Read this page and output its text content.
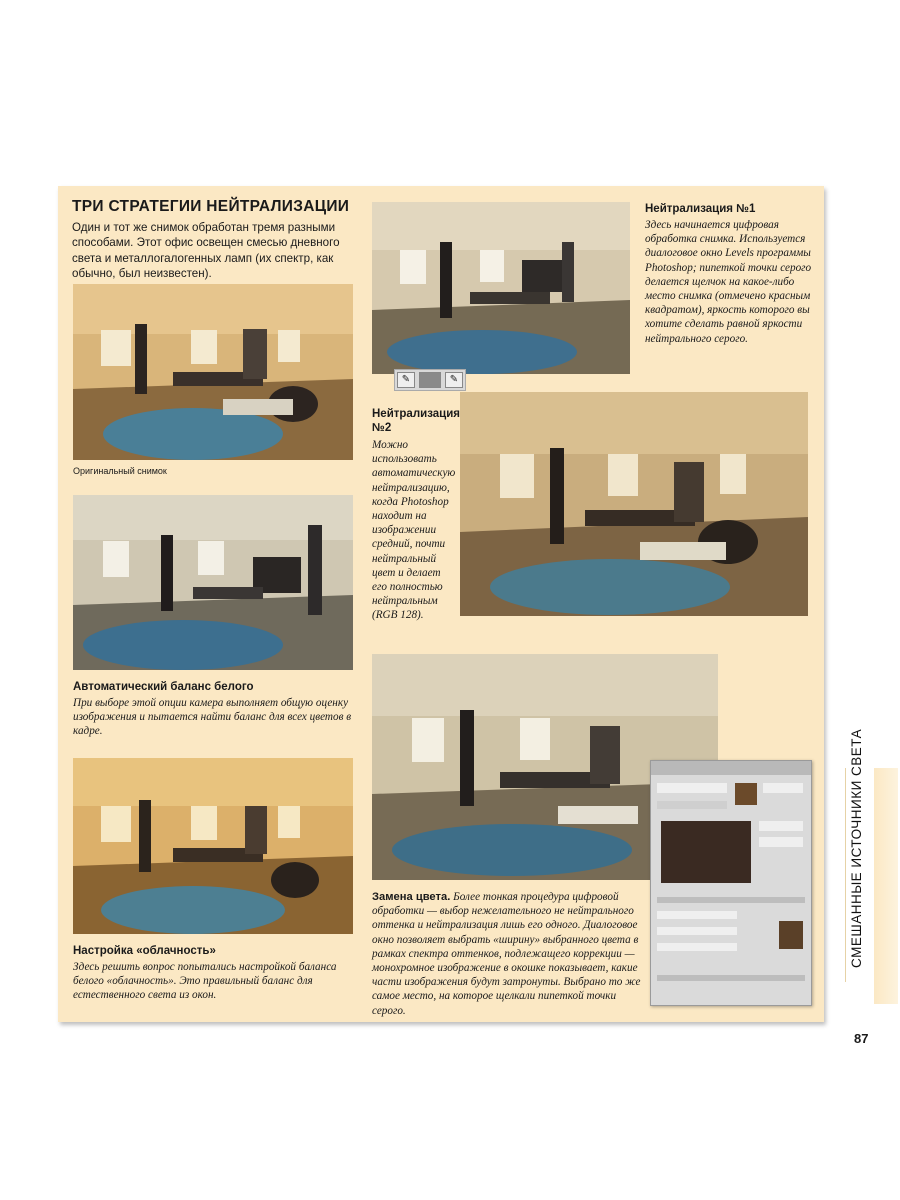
ТРИ СТРАТЕГИИ НЕЙТРАЛИЗАЦИИ
Один и тот же снимок обработан тремя разными способами. Этот офис освещен смесью дневного света и металлогалогенных ламп (их спектр, как обычно, был неизвестен).
Оригинальный снимок
Автоматический баланс белого
При выборе этой опции камера выполняет общую оценку изображения и пытается найти баланс для всех цветов в кадре.
Настройка «облачность»
Здесь решить вопрос попытались настройкой баланса белого «облачность». Это правильный баланс для естественного света из окон.
✎	✎
Нейтрализация №1
Здесь начинается цифровая обработка снимка. Используется диалоговое окно Levels программы Photoshop; пипеткой точки серого делается щелчок на какое-либо место снимка (отмечено красным квадратом), яркость которого вы хотите сделать равной яркости нейтрального серого.
Нейтрализация №2
Можно использовать автоматическую нейтрализацию, когда Photoshop находит на изображении средний, почти нейтральный цвет и делает его полностью нейтральным (RGB 128).
Замена цвета. Более тонкая процедура цифровой обработки — выбор нежелательного не нейтрального оттенка и нейтрализация лишь его одного. Диалоговое окно позволяет выбрать «ширину» выбранного цвета в рамках спектра оттенков, подлежащего коррекции — монохромное изображение в окошке показывает, какие части изображения будут затронуты. Выбрано то же самое место, на которое щелкали пипеткой точки серого.
СМЕШАННЫЕ ИСТОЧНИКИ СВЕТА
87
